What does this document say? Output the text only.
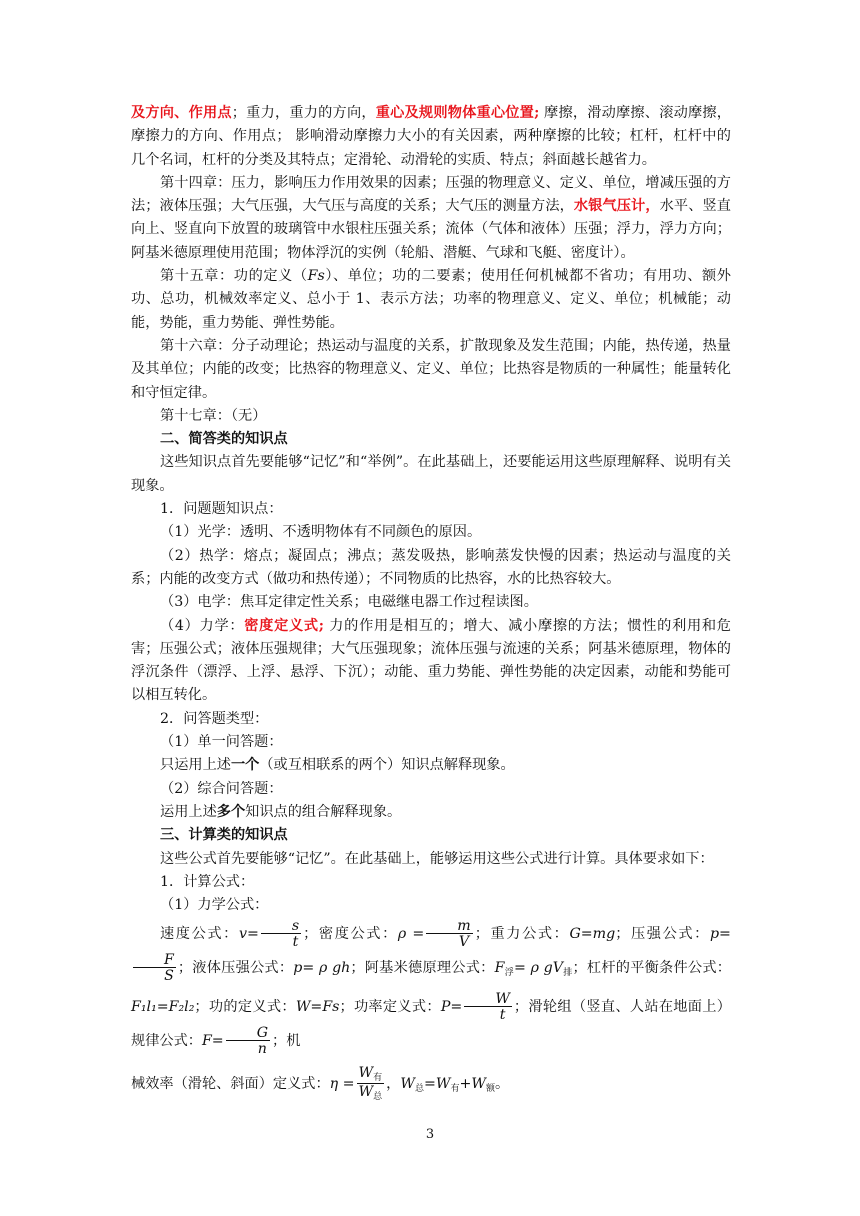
及方向、作用点；重力，重力的方向，重心及规则物体重心位置; 摩擦，滑动摩擦、滚动摩擦，摩擦力的方向、作用点； 影响滑动摩擦力大小的有关因素，两种摩擦的比较；杠杆，杠杆中的几个名词，杠杆的分类及其特点；定滑轮、动滑轮的实质、特点；斜面越长越省力。

第十四章：压力，影响压力作用效果的因素；压强的物理意义、定义、单位，增减压强的方法；液体压强；大气压强，大气压与高度的关系；大气压的测量方法，水银气压计，水平、竖直向上、竖直向下放置的玻璃管中水银柱压强关系；流体（气体和液体）压强；浮力，浮力方向；阿基米德原理使用范围；物体浮沉的实例（轮船、潜艇、气球和飞艇、密度计）。

第十五章：功的定义（Fs）、单位；功的二要素；使用任何机械都不省功；有用功、额外功、总功，机械效率定义、总小于 1、表示方法；功率的物理意义、定义、单位；机械能；动能，势能，重力势能、弹性势能。

第十六章：分子动理论；热运动与温度的关系，扩散现象及发生范围；内能，热传递，热量及其单位；内能的改变；比热容的物理意义、定义、单位；比热容是物质的一种属性；能量转化和守恒定律。

第十七章：（无）

二、简答类的知识点

这些知识点首先要能够“记忆”和“举例”。在此基础上，还要能运用这些原理解释、说明有关现象。

1．问题题知识点：

（1）光学：透明、不透明物体有不同颜色的原因。

（2）热学：熔点；凝固点；沸点；蒸发吸热，影响蒸发快慢的因素；热运动与温度的关系；内能的改变方式（做功和热传递）；不同物质的比热容，水的比热容较大。

（3）电学：焦耳定律定性关系；电磁继电器工作过程读图。

（4）力学：密度定义式; 力的作用是相互的；增大、减小摩擦的方法；惯性的利用和危害；压强公式；液体压强规律；大气压强现象；流体压强与流速的关系；阿基米德原理，物体的浮沉条件（漂浮、上浮、悬浮、下沉）；动能、重力势能、弹性势能的决定因素，动能和势能可以相互转化。

2．问答题类型：

（1）单一问答题：

只运用上述一个（或互相联系的两个）知识点解释现象。

（2）综合问答题：

运用上述多个知识点的组合解释现象。

三、计算类的知识点

这些公式首先要能够“记忆”。在此基础上，能够运用这些公式进行计算。具体要求如下：

1．计算公式：

（1）力学公式：

速度公式：$v= \frac{s}{t}$ ；密度公式：$\rho = \frac{m}{V}$ ；重力公式：G=mg；压强公式：p=
$\frac{F}{S}$ ；液体压强公式：p= ρ gh；阿基米德原理公式：$F_浮= \rho$ $gV_排$；杠杆的平衡条件公式：F₁l₁=F₂l₂；功的定义式：W=Fs；功率定义式：$P= \frac{W}{t}$ ；滑轮组（竖直、人站在地面上）规律公式：$F= \frac{G}{n}$ ；机

械效率（滑轮、斜面）定义式：$\eta = \frac{W_有}{W_总}$ ，$W_总=W_有+W_额$。

3
